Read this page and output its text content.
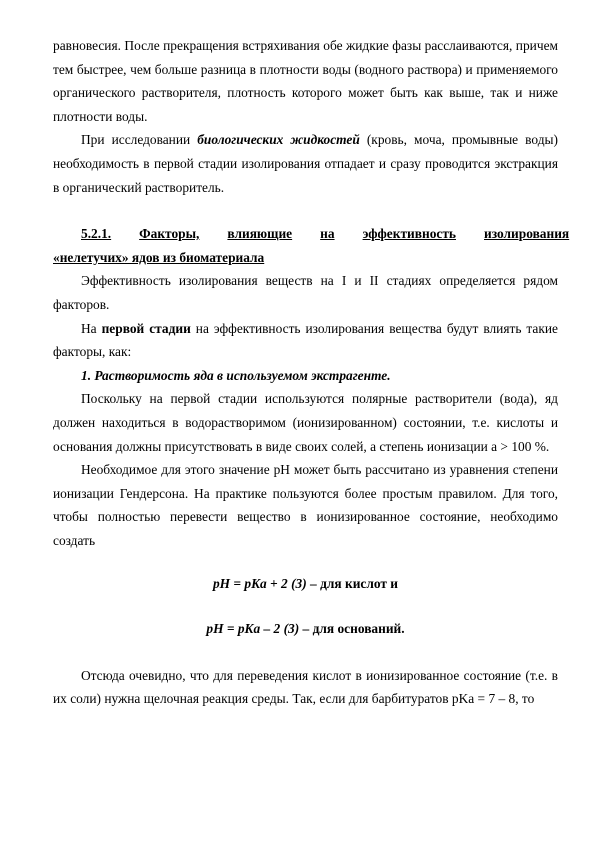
равновесия. После прекращения встряхивания обе жидкие фазы расслаиваются, причем тем быстрее, чем больше разница в плотности воды (водного раствора) и применяемого органического растворителя, плотность которого может быть как выше, так и ниже плотности воды.

При исследовании биологических жидкостей (кровь, моча, промывные воды) необходимость в первой стадии изолирования отпадает и сразу проводится экстракция в органический растворитель.

5.2.1.	Факторы,	влияющие	на	эффективность	изолирования
«нелетучих» ядов из биоматериала

Эффективность изолирования веществ на I и II стадиях определяется рядом факторов.

На первой стадии на эффективность изолирования вещества будут влиять такие факторы, как:

1. Растворимость яда в используемом экстрагенте.

Поскольку на первой стадии используются полярные растворители (вода), яд должен находиться в водорастворимом (ионизированном) состоянии, т.е. кислоты и основания должны присутствовать в виде своих солей, а степень ионизации a > 100 %.

Необходимое для этого значение pH может быть рассчитано из уравнения степени ионизации Гендерсона. На практике пользуются более простым правилом. Для того, чтобы полностью перевести вещество в ионизированное состояние, необходимо создать

pH = pKa + 2 (3) – для кислот и

pH = pKa – 2 (3) – для оснований.

Отсюда очевидно, что для переведения кислот в ионизированное состояние (т.е. в их соли) нужна щелочная реакция среды. Так, если для барбитуратов pKa = 7 – 8, то
